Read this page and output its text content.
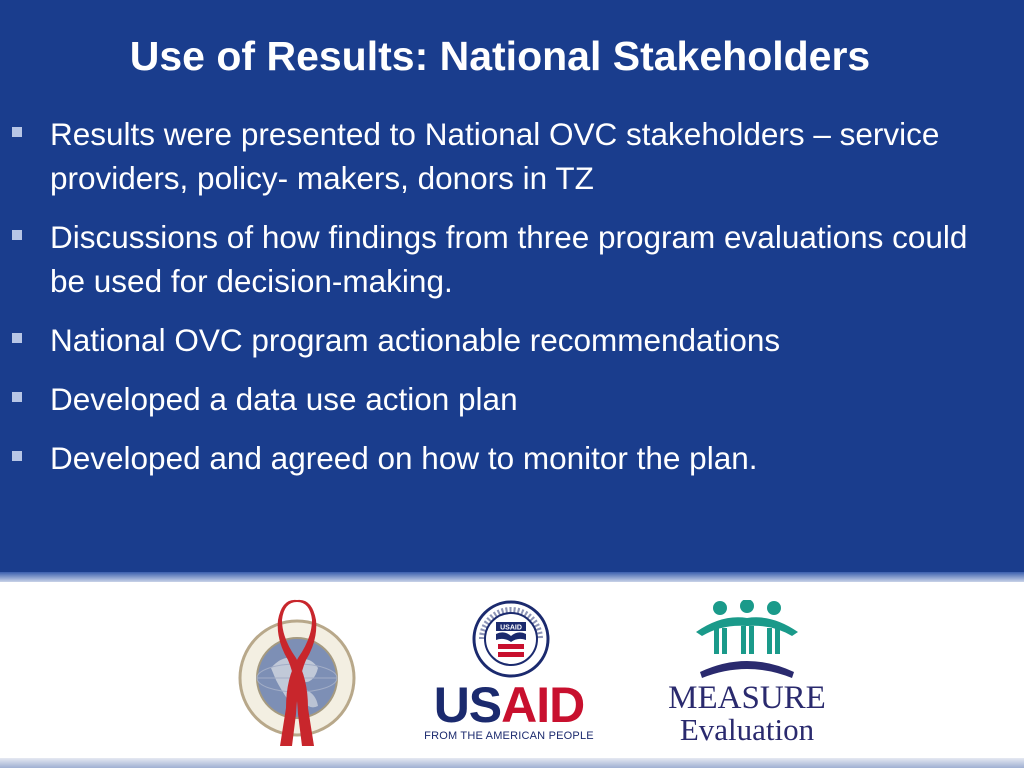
Use of Results: National Stakeholders
Results were presented to National OVC stakeholders – service providers, policy- makers, donors in TZ
Discussions of how findings from three program evaluations could be used for decision-making.
National OVC program actionable recommendations
Developed a data use action plan
Developed and agreed on how to monitor the plan.
USAID
USAID
FROM THE AMERICAN PEOPLE
MEASURE
Evaluation
